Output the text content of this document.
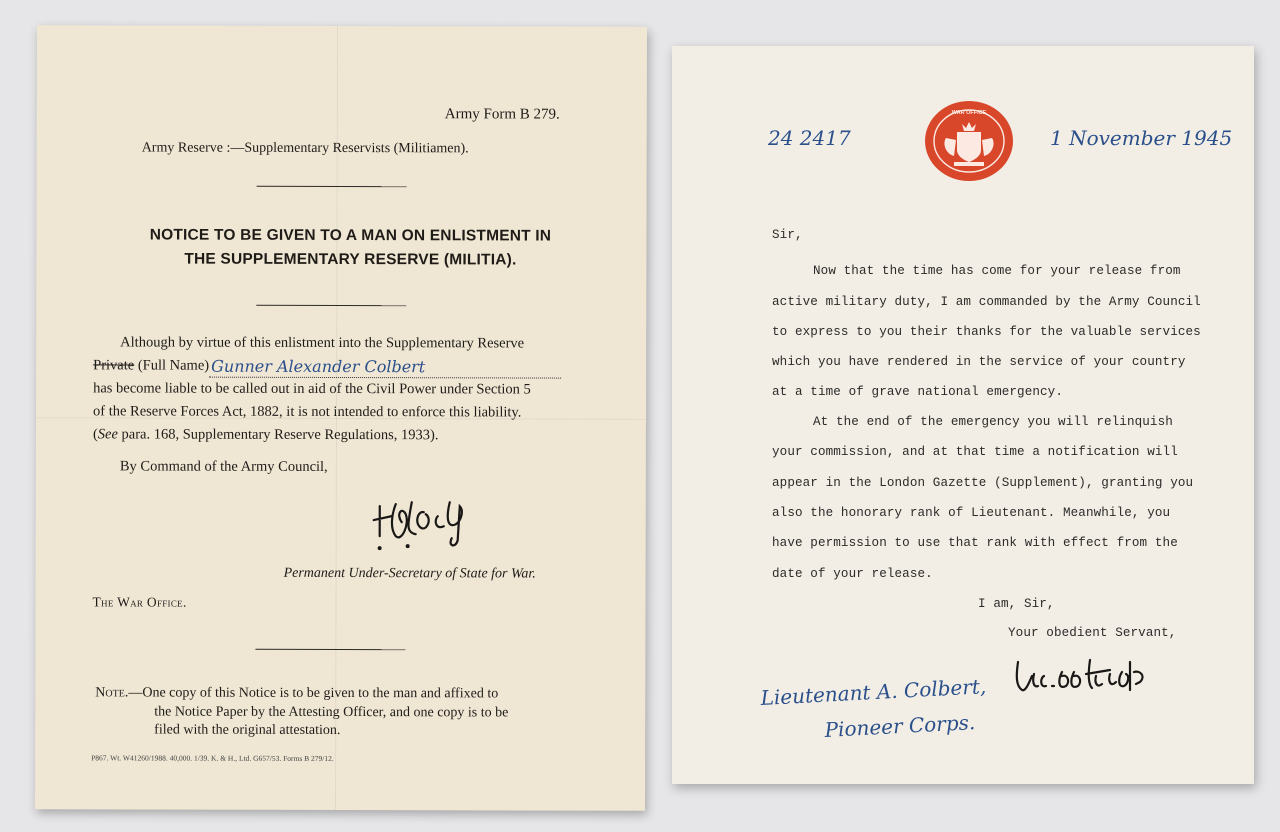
Army Form B 279.
Army Reserve :—Supplementary Reservists (Militiamen).
NOTICE TO BE GIVEN TO A MAN ON ENLISTMENT IN
THE SUPPLEMENTARY RESERVE (MILITIA).
Although by virtue of this enlistment into the Supplementary Reserve
Private (Full Name) Gunner Alexander Colbert
has become liable to be called out in aid of the Civil Power under Section 5
of the Reserve Forces Act, 1882, it is not intended to enforce this liability.
(See para. 168, Supplementary Reserve Regulations, 1933).
By Command of the Army Council,
Permanent Under-Secretary of State for War.
The War Office.
Note.—One copy of this Notice is to be given to the man and affixed to
the Notice Paper by the Attesting Officer, and one copy is to be
filed with the original attestation.
P867. Wt. W41260/1988. 40,000. 1/39. K. & H., Ltd. G657/53. Forms B 279/12.
24 2417
WAR OFFICE
1 November 1945
Sir,
Now that the time has come for your release from
active military duty, I am commanded by the Army Council
to express to you their thanks for the valuable services
which you have rendered in the service of your country
at a time of grave national emergency.
At the end of the emergency you will relinquish
your commission, and at that time a notification will
appear in the London Gazette (Supplement), granting you
also the honorary rank of Lieutenant. Meanwhile, you
have permission to use that rank with effect from the
date of your release.
I am, Sir,
Your obedient Servant,
Lieutenant A. Colbert,
Pioneer Corps.
